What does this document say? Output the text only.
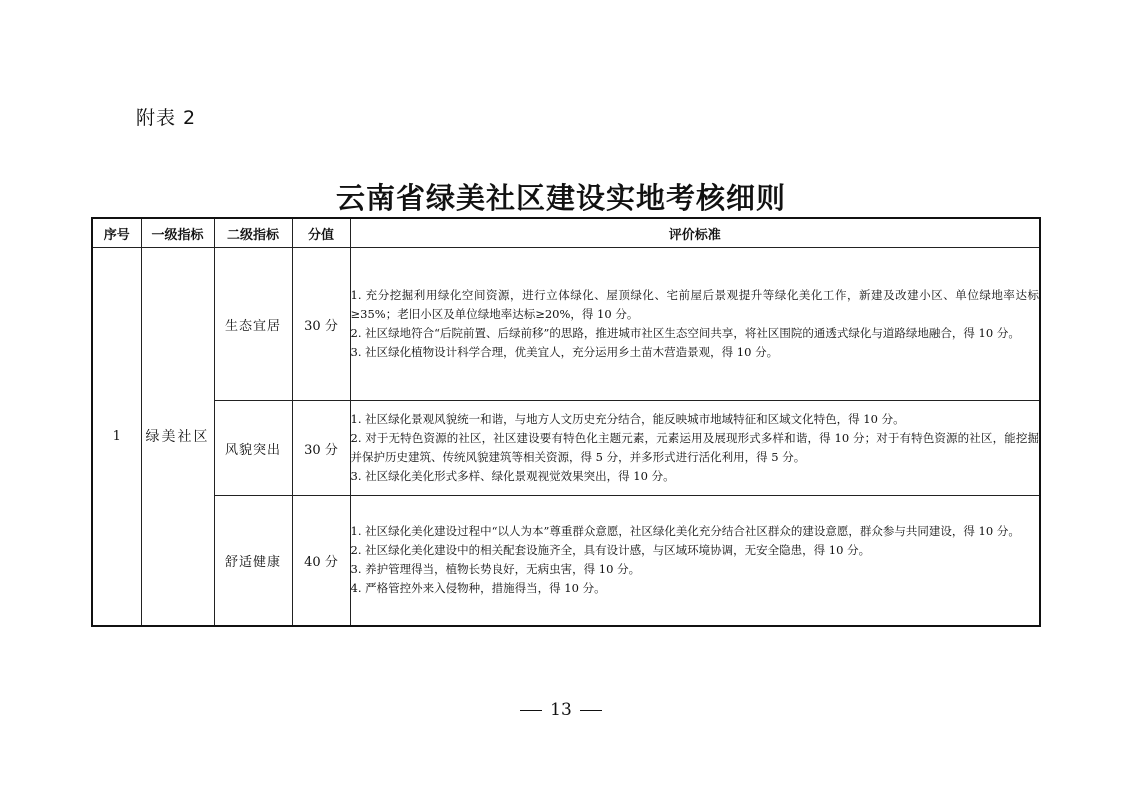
附表 2
云南省绿美社区建设实地考核细则
序号	一级指标	二级指标	分值	评价标准
1	绿美社区	生态宜居	30 分	1. 充分挖掘利用绿化空间资源，进行立体绿化、屋顶绿化、宅前屋后景观提升等绿化美化工作，新建及改建小区、单位绿地率达标≥35%；老旧小区及单位绿地率达标≥20%，得 10 分。
2. 社区绿地符合“后院前置、后绿前移”的思路，推进城市社区生态空间共享，将社区围院的通透式绿化与道路绿地融合，得 10 分。
3. 社区绿化植物设计科学合理，优美宜人，充分运用乡土苗木营造景观，得 10 分。

		风貌突出	30 分	1. 社区绿化景观风貌统一和谐，与地方人文历史充分结合，能反映城市地域特征和区域文化特色，得 10 分。
2. 对于无特色资源的社区，社区建设要有特色化主题元素，元素运用及展现形式多样和谐，得 10 分；对于有特色资源的社区，能挖掘并保护历史建筑、传统风貌建筑等相关资源，得 5 分，并多形式进行活化利用，得 5 分。
3. 社区绿化美化形式多样、绿化景观视觉效果突出，得 10 分。

		舒适健康	40 分	1. 社区绿化美化建设过程中“以人为本”尊重群众意愿，社区绿化美化充分结合社区群众的建设意愿，群众参与共同建设，得 10 分。
2. 社区绿化美化建设中的相关配套设施齐全，具有设计感，与区域环境协调，无安全隐患，得 10 分。
3. 养护管理得当，植物长势良好，无病虫害，得 10 分。
4. 严格管控外来入侵物种，措施得当，得 10 分。
13
